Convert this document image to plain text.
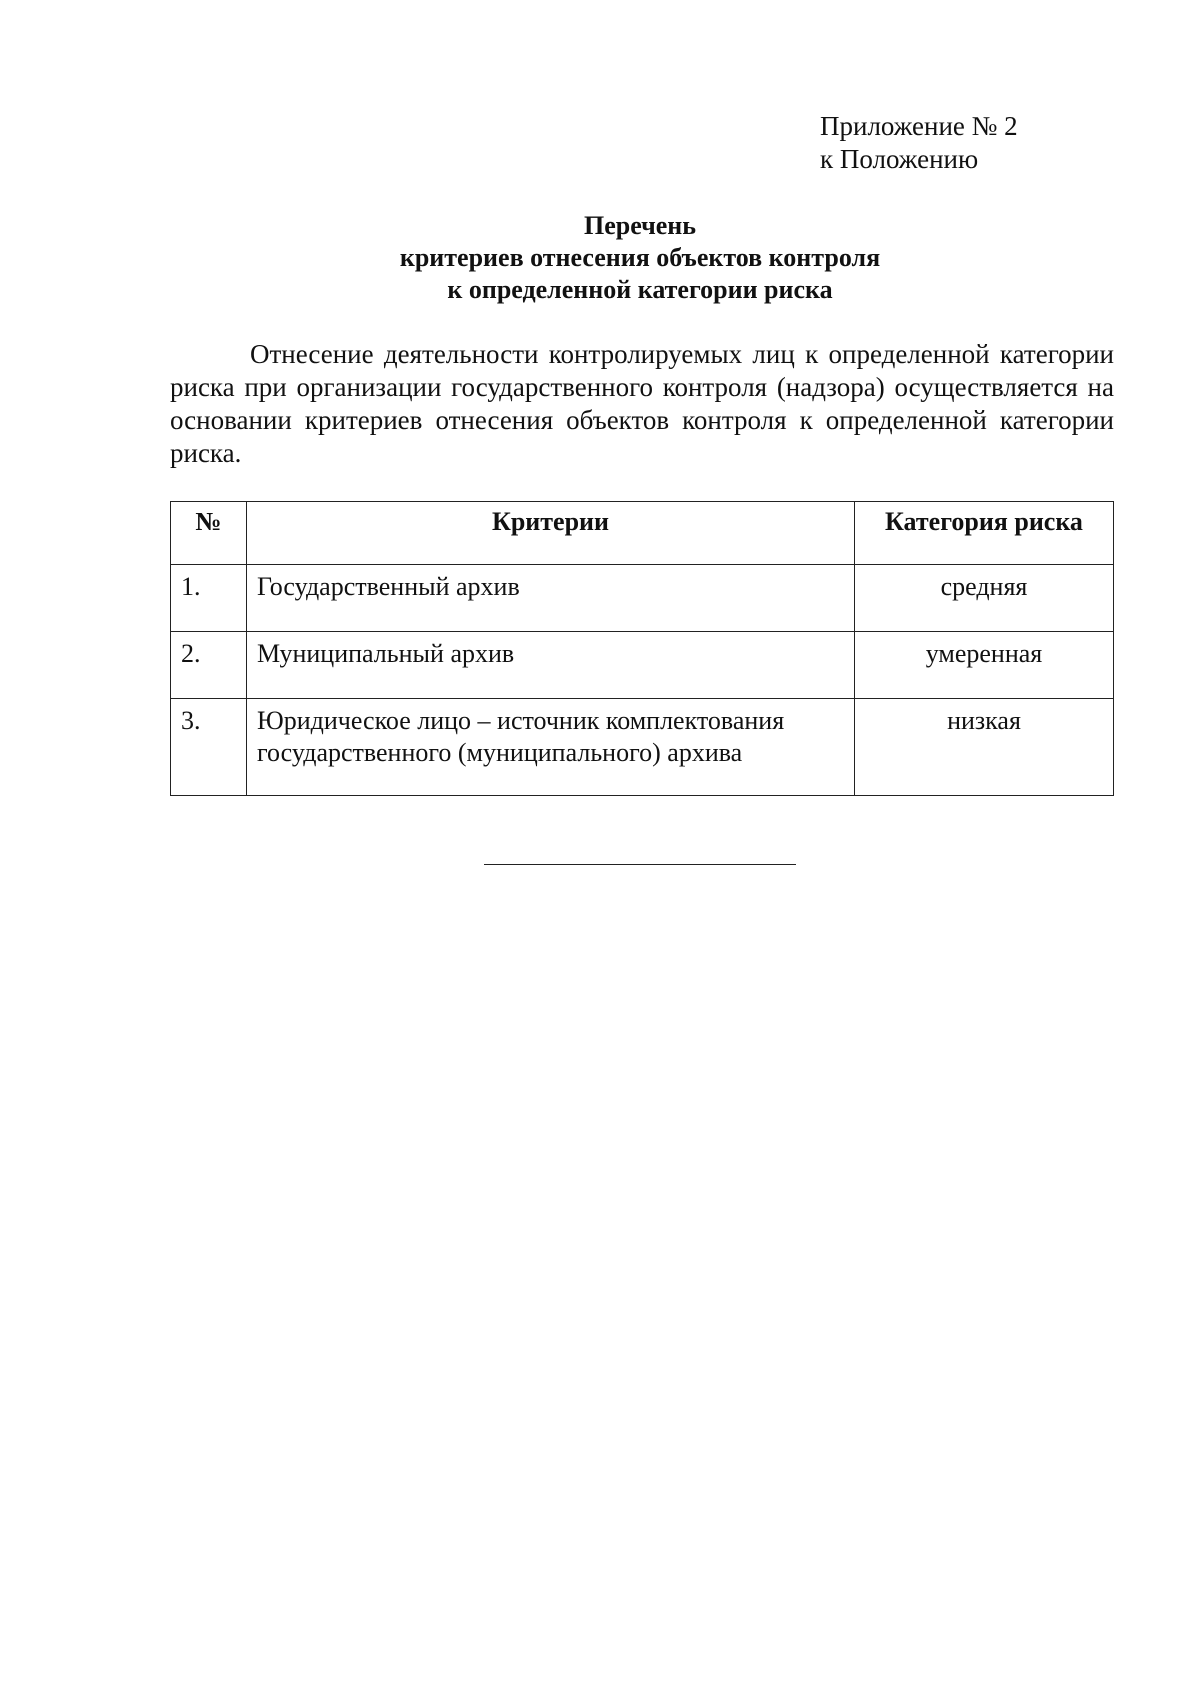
Приложение № 2
к Положению
Перечень
критериев отнесения объектов контроля
к определенной категории риска

Отнесение деятельности контролируемых лиц к определенной категории риска при организации государственного контроля (надзора) осуществляется на основании критериев отнесения объектов контроля к определенной категории риска.

№	Критерии	Категория риска
1.	Государственный архив	средняя
2.	Муниципальный архив	умеренная
3.	Юридическое лицо – источник комплектования государственного (муниципального) архива	низкая
